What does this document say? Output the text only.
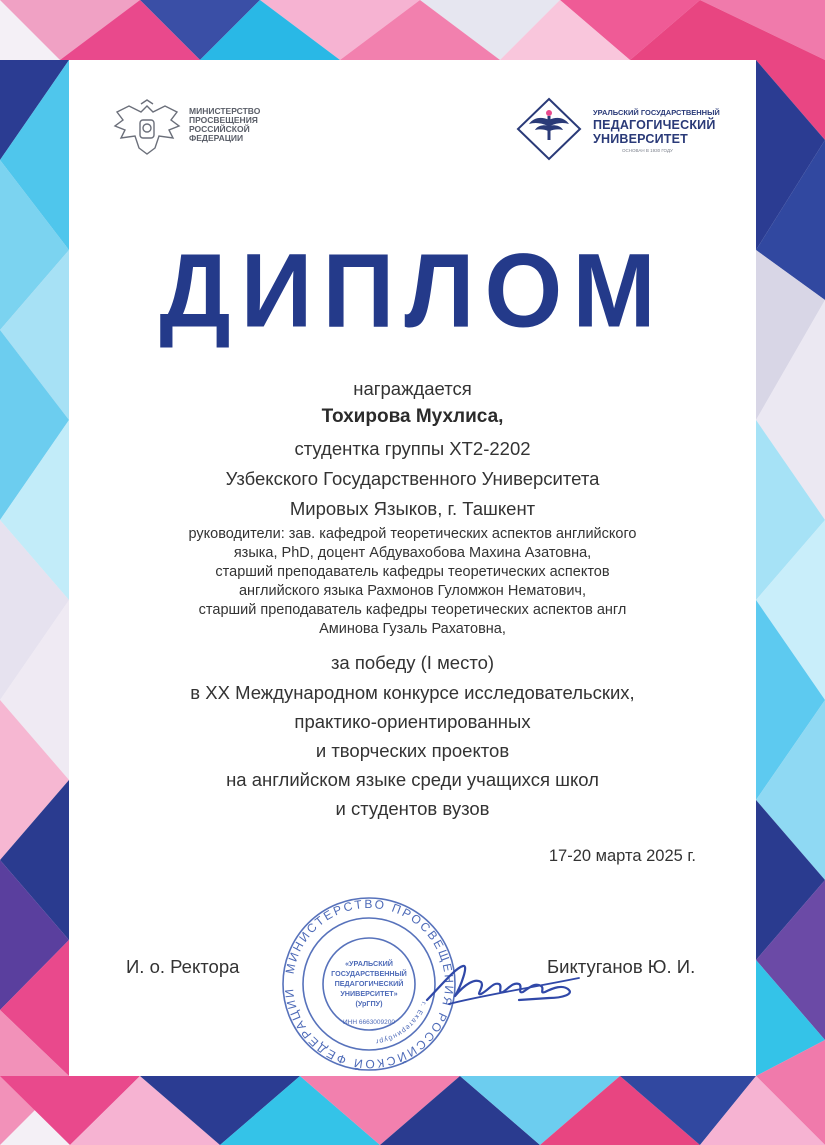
МИНИСТЕРСТВО
ПРОСВЕЩЕНИЯ
РОССИЙСКОЙ
ФЕДЕРАЦИИ
УРАЛЬСКИЙ ГОСУДАРСТВЕННЫЙ
ПЕДАГОГИЧЕСКИЙ
УНИВЕРСИТЕТ
ОСНОВАН В 1930 ГОДУ
ДИПЛОМ
награждается
Тохирова Мухлиса,
студентка группы ХТ2-2202
Узбекского Государственного Университета
Мировых Языков, г. Ташкент
руководители: зав. кафедрой теоретических аспектов английского
языка, PhD, доцент Абдувахобова Махина Азатовна,
старший преподаватель кафедры теоретических аспектов
английского языка Рахмонов Гуломжон Нематович,
старший преподаватель кафедры теоретических аспектов англ
Аминова Гузаль Рахатовна,
за победу (I место)
в XX Международном конкурсе исследовательских,
практико-ориентированных
и творческих проектов
на английском языке среди учащихся школ
и студентов вузов
17-20 марта 2025 г.
И. о. Ректора	Биктуганов Ю. И.
МИНИСТЕРСТВО ПРОСВЕЩЕНИЯ РОССИЙСКОЙ ФЕДЕРАЦИИ
г. Екатеринбург
«УРАЛЬСКИЙ
ГОСУДАРСТВЕННЫЙ
ПЕДАГОГИЧЕСКИЙ
УНИВЕРСИТЕТ»
(УрГПУ)
ИНН 6663009200
